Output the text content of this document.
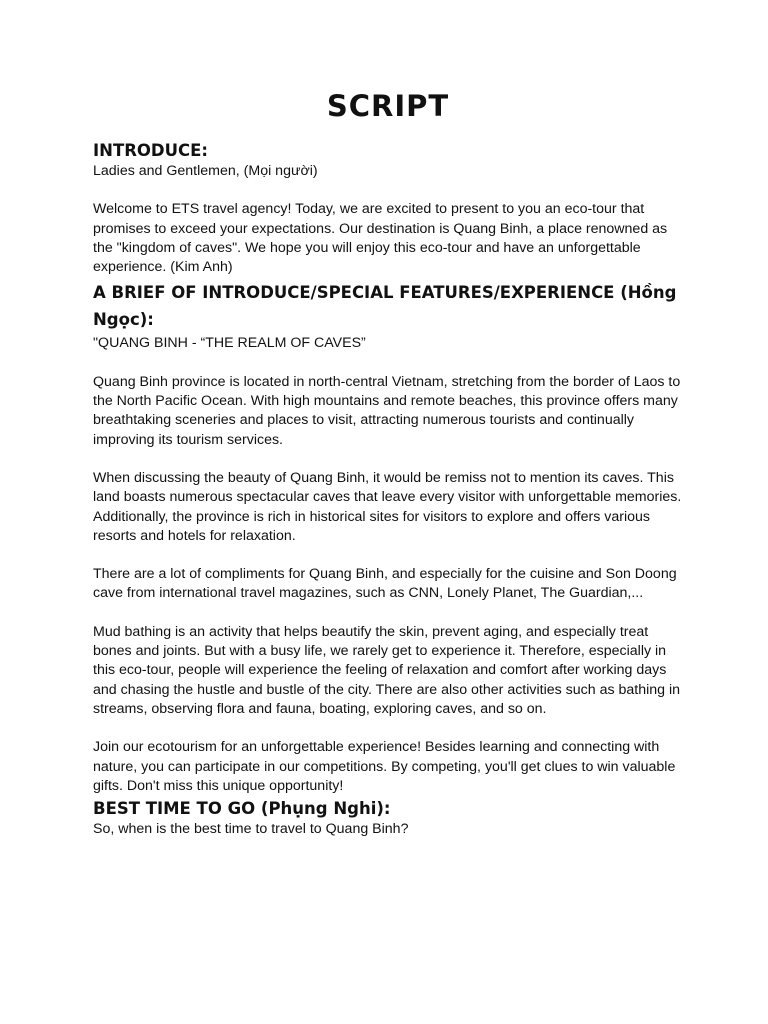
SCRIPT
INTRODUCE:

Ladies and Gentlemen, (Mọi người)

Welcome to ETS travel agency! Today, we are excited to present to you an eco-tour that promises to exceed your expectations. Our destination is Quang Binh, a place renowned as the "kingdom of caves". We hope you will enjoy this eco-tour and have an unforgettable experience. (Kim Anh)

A BRIEF OF INTRODUCE/SPECIAL FEATURES/EXPERIENCE (Hồng Ngọc):

"QUANG BINH - “THE REALM OF CAVES”

Quang Binh province is located in north-central Vietnam, stretching from the border of Laos to the North Pacific Ocean. With high mountains and remote beaches, this province offers many breathtaking sceneries and places to visit, attracting numerous tourists and continually improving its tourism services.

When discussing the beauty of Quang Binh, it would be remiss not to mention its caves. This land boasts numerous spectacular caves that leave every visitor with unforgettable memories. Additionally, the province is rich in historical sites for visitors to explore and offers various resorts and hotels for relaxation.

There are a lot of compliments for Quang Binh, and especially for the cuisine and Son Doong cave from international travel magazines, such as CNN, Lonely Planet, The Guardian,...

Mud bathing is an activity that helps beautify the skin, prevent aging, and especially treat bones and joints. But with a busy life, we rarely get to experience it. Therefore, especially in this eco-tour, people will experience the feeling of relaxation and comfort after working days and chasing the hustle and bustle of the city. There are also other activities such as bathing in streams, observing flora and fauna, boating, exploring caves, and so on.

Join our ecotourism for an unforgettable experience! Besides learning and connecting with nature, you can participate in our competitions. By competing, you'll get clues to win valuable gifts. Don't miss this unique opportunity!

BEST TIME TO GO (Phụng Nghi):

So, when is the best time to travel to Quang Binh?
